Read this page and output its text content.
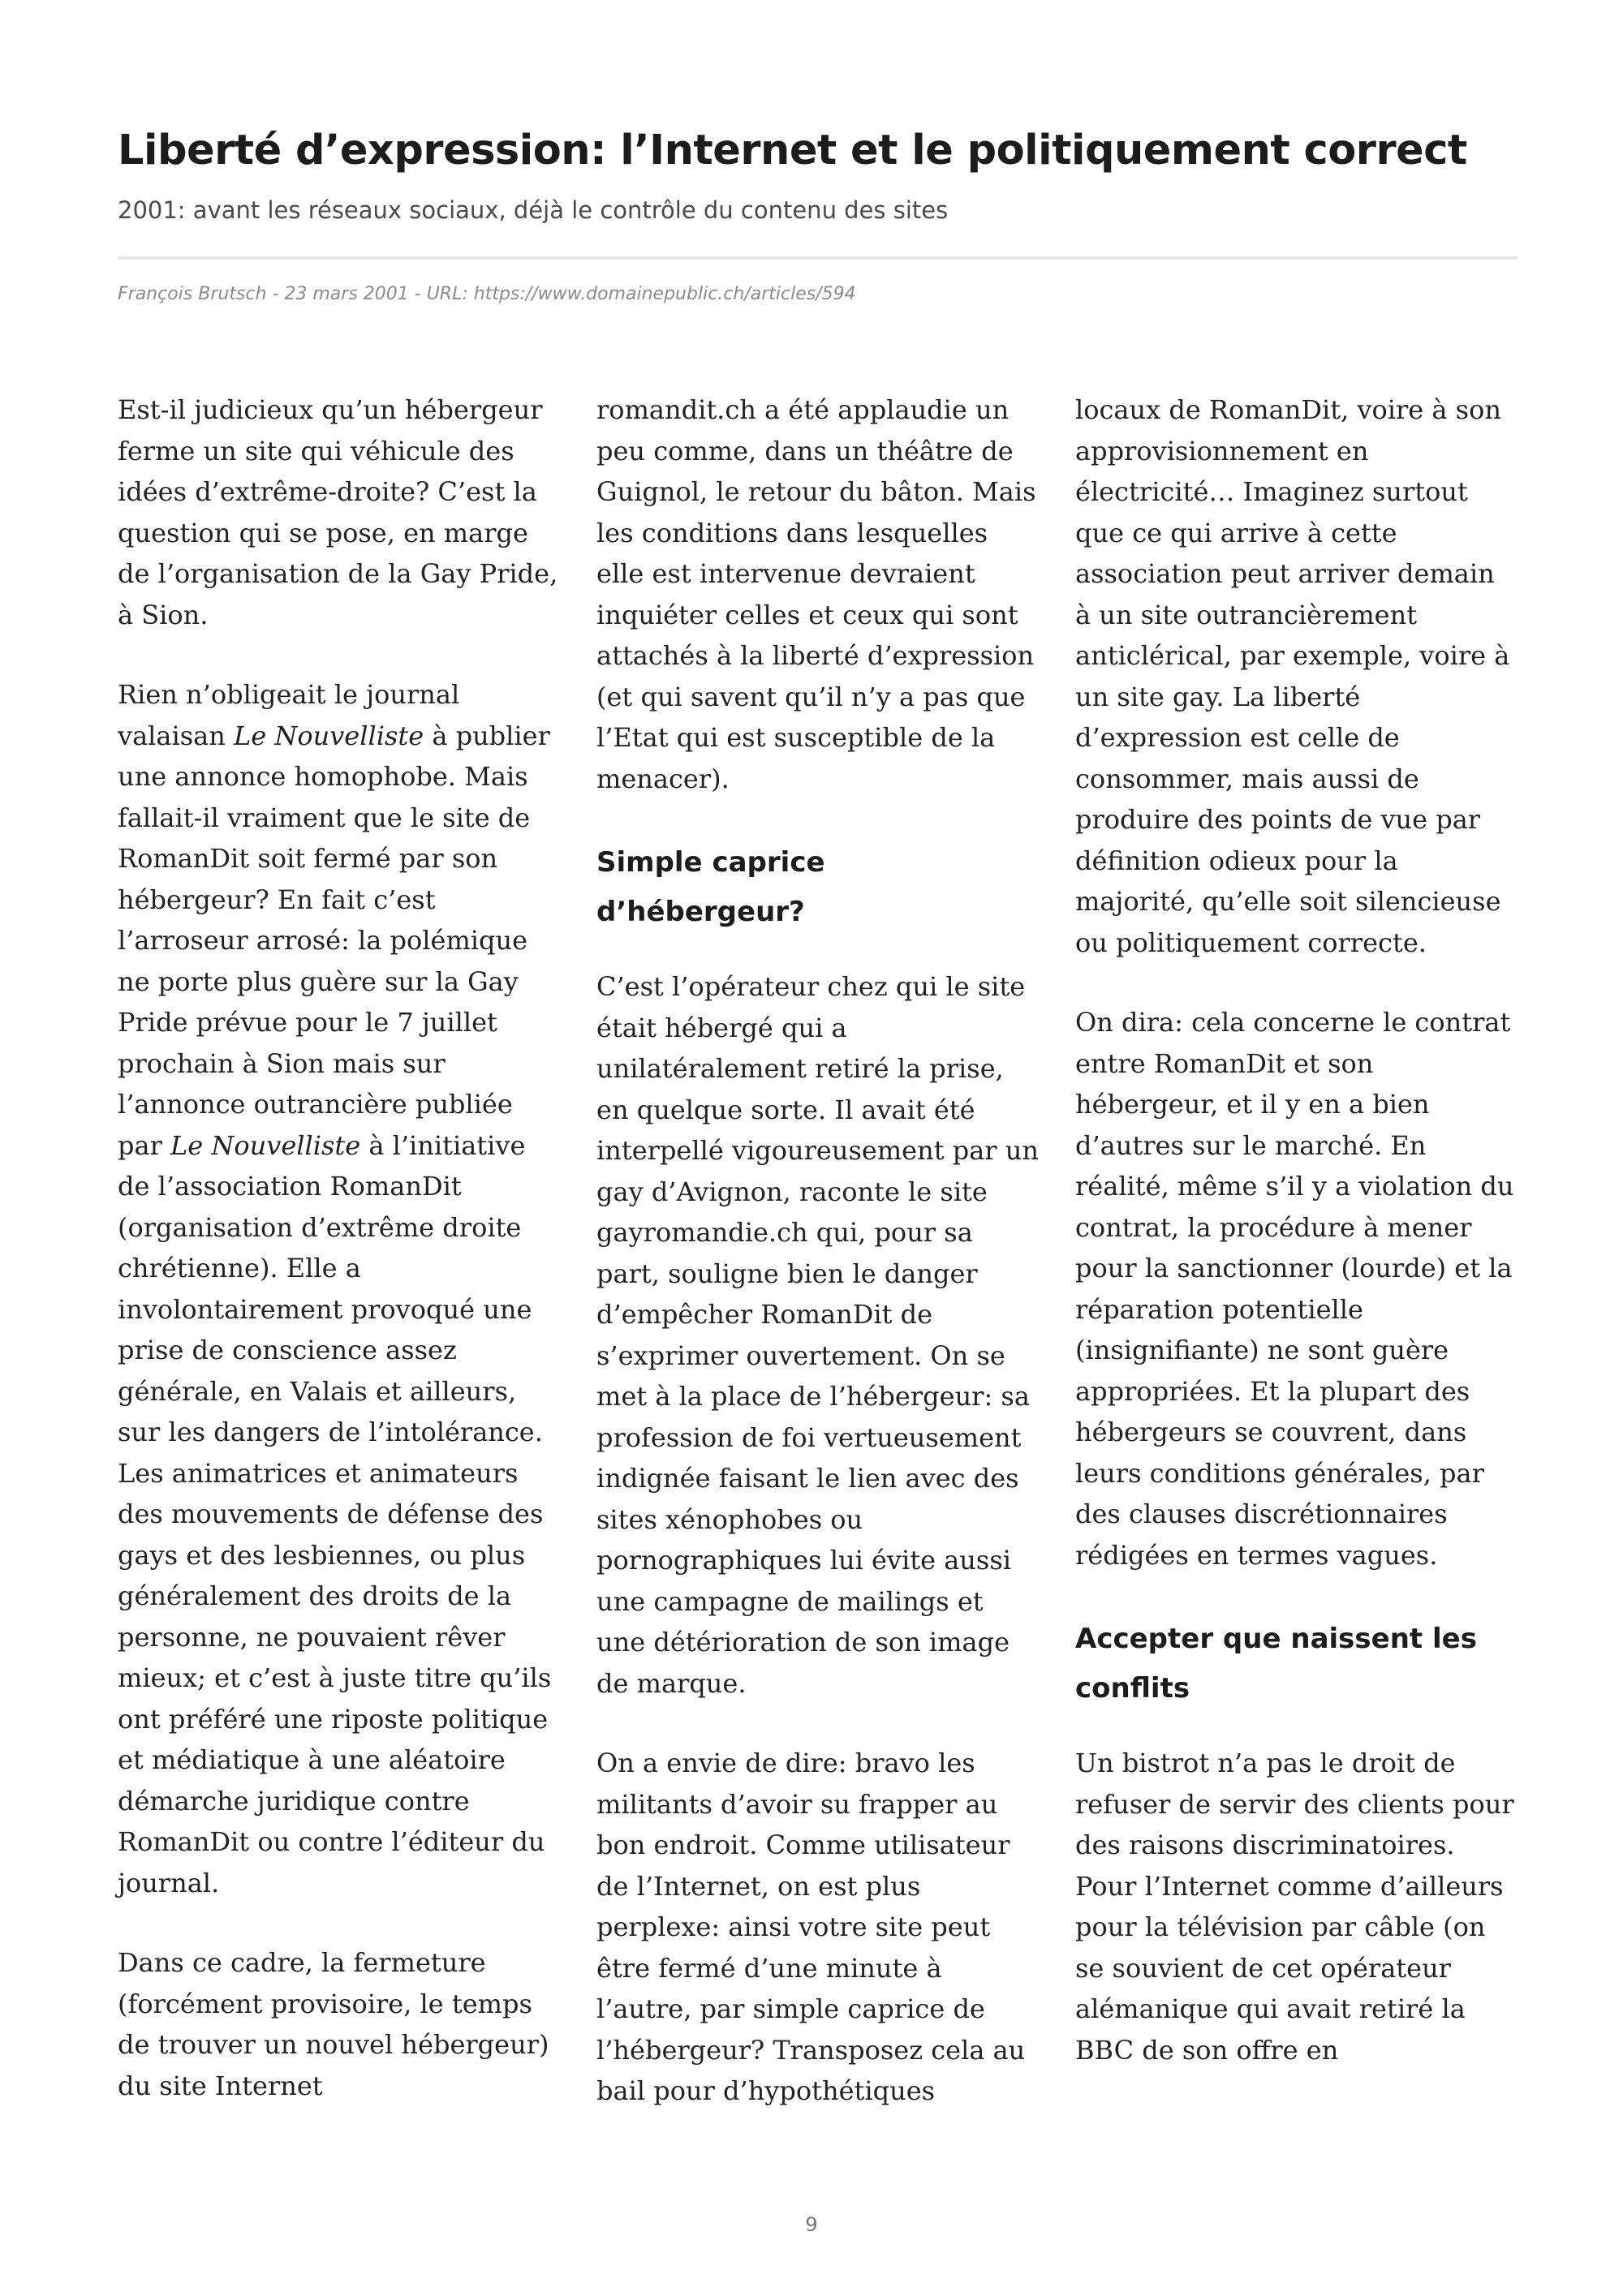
Liberté d’expression: l’Internet et le politiquement correct
2001: avant les réseaux sociaux, déjà le contrôle du contenu des sites
François Brutsch - 23 mars 2001 - URL: https://www.domainepublic.ch/articles/594

Est-il judicieux qu’un hébergeur ferme un site qui véhicule des idées d’extrême-droite? C’est la question qui se pose, en marge de l’organisation de la Gay Pride, à Sion.

Rien n’obligeait le journal valaisan Le Nouvelliste à publier une annonce homophobe. Mais fallait-il vraiment que le site de RomanDit soit fermé par son hébergeur? En fait c’est l’arroseur arrosé: la polémique ne porte plus guère sur la Gay Pride prévue pour le 7 juillet prochain à Sion mais sur l’annonce outrancière publiée par Le Nouvelliste à l’initiative de l’association RomanDit (organisation d’extrême droite chrétienne). Elle a involontairement provoqué une prise de conscience assez générale, en Valais et ailleurs, sur les dangers de l’intolérance. Les animatrices et animateurs des mouvements de défense des gays et des lesbiennes, ou plus généralement des droits de la personne, ne pouvaient rêver mieux; et c’est à juste titre qu’ils ont préféré une riposte politique et médiatique à une aléatoire démarche juridique contre RomanDit ou contre l’éditeur du journal.

Dans ce cadre, la fermeture (forcément provisoire, le temps de trouver un nouvel hébergeur) du site Internet

romandit.ch a été applaudie un peu comme, dans un théâtre de Guignol, le retour du bâton. Mais les conditions dans lesquelles elle est intervenue devraient inquiéter celles et ceux qui sont attachés à la liberté d’expression (et qui savent qu’il n’y a pas que l’Etat qui est susceptible de la menacer).

Simple caprice d’hébergeur?

C’est l’opérateur chez qui le site était hébergé qui a unilatéralement retiré la prise, en quelque sorte. Il avait été interpellé vigoureusement par un gay d’Avignon, raconte le site gayromandie.ch qui, pour sa part, souligne bien le danger d’empêcher RomanDit de s’exprimer ouvertement. On se met à la place de l’hébergeur: sa profession de foi vertueusement indignée faisant le lien avec des sites xénophobes ou pornographiques lui évite aussi une campagne de mailings et une détérioration de son image de marque.

On a envie de dire: bravo les militants d’avoir su frapper au bon endroit. Comme utilisateur de l’Internet, on est plus perplexe: ainsi votre site peut être fermé d’une minute à l’autre, par simple caprice de l’hébergeur? Transposez cela au bail pour d’hypothétiques

locaux de RomanDit, voire à son approvisionnement en électricité… Imaginez surtout que ce qui arrive à cette association peut arriver demain à un site outrancièrement anticlérical, par exemple, voire à un site gay. La liberté d’expression est celle de consommer, mais aussi de produire des points de vue par définition odieux pour la majorité, qu’elle soit silencieuse ou politiquement correcte.

On dira: cela concerne le contrat entre RomanDit et son hébergeur, et il y en a bien d’autres sur le marché. En réalité, même s’il y a violation du contrat, la procédure à mener pour la sanctionner (lourde) et la réparation potentielle (insignifiante) ne sont guère appropriées. Et la plupart des hébergeurs se couvrent, dans leurs conditions générales, par des clauses discrétionnaires rédigées en termes vagues.

Accepter que naissent les conflits

Un bistrot n’a pas le droit de refuser de servir des clients pour des raisons discriminatoires. Pour l’Internet comme d’ailleurs pour la télévision par câble (on se souvient de cet opérateur alémanique qui avait retiré la BBC de son offre en

9
